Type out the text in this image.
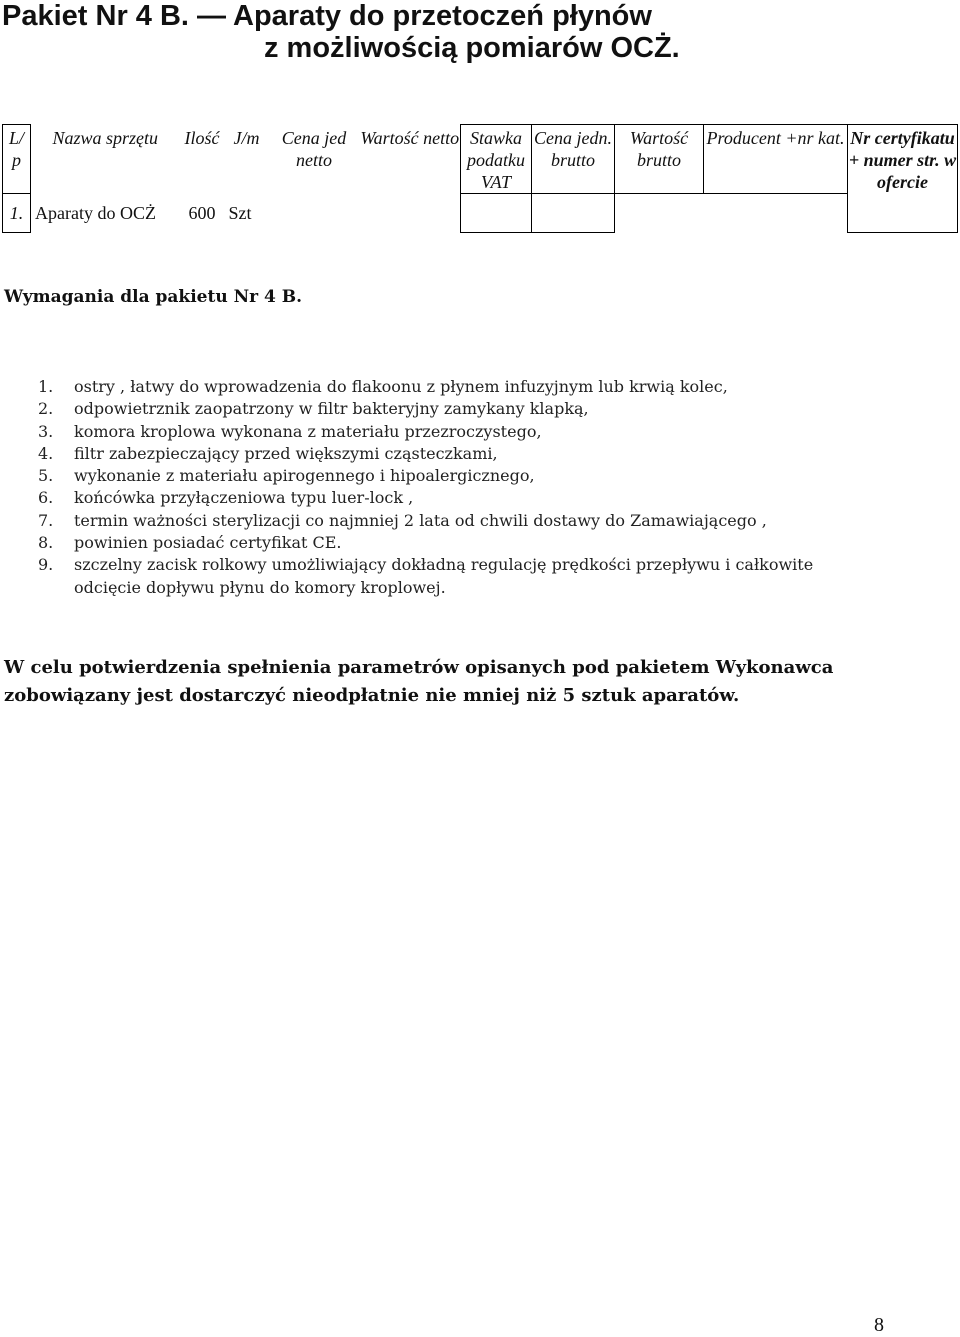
Pakiet Nr 4 B. — Aparaty do przetoczeń płynów
z możliwością pomiarów OCŻ.
L/ p	Nazwa sprzętu	Ilość	J/m	Cena jed netto	Wartość netto	Stawka podatku VAT	Cena jedn. brutto	Wartość brutto	Producent +nr kat.	Nr certyfikatu + numer str. w ofercie
1.	Aparaty do OCŻ	600	Szt							
Wymagania dla pakietu Nr 4 B.
1. ostry , łatwy do wprowadzenia do flakoonu z płynem infuzyjnym lub krwią kolec,
2. odpowietrznik zaopatrzony w filtr bakteryjny zamykany klapką,
3. komora kroplowa wykonana z materiału przezroczystego,
4. filtr zabezpieczający przed większymi cząsteczkami,
5. wykonanie z materiału apirogennego i hipoalergicznego,
6. końcówka przyłączeniowa typu luer-lock ,
7. termin ważności sterylizacji co najmniej 2 lata od chwili dostawy do Zamawiającego ,
8. powinien posiadać certyfikat CE.
9. szczelny zacisk rolkowy umożliwiający dokładną regulację prędkości przepływu i całkowite
odcięcie dopływu płynu do komory kroplowej.
W celu potwierdzenia spełnienia parametrów opisanych pod pakietem Wykonawca zobowiązany jest dostarczyć nieodpłatnie nie mniej niż 5 sztuk aparatów.
8
